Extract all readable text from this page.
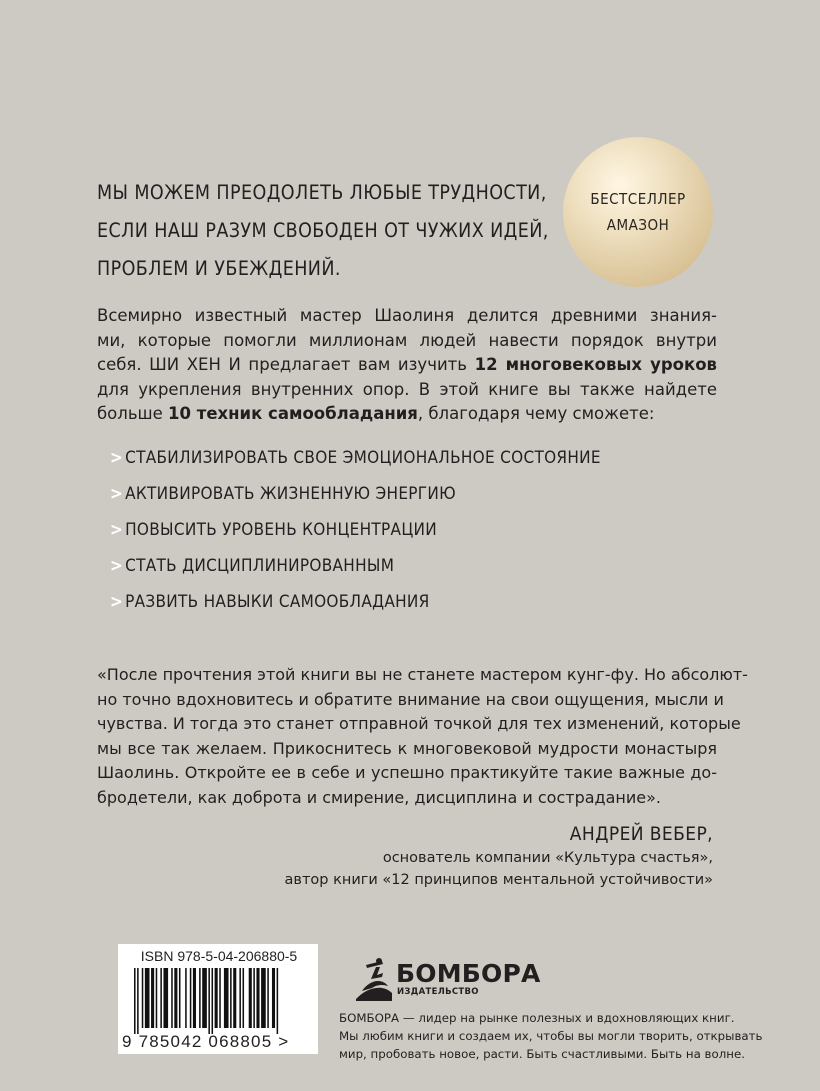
БЕСТСЕЛЛЕР
АМАЗОН
МЫ МОЖЕМ ПРЕОДОЛЕТЬ ЛЮБЫЕ ТРУДНОСТИ,
ЕСЛИ НАШ РАЗУМ СВОБОДЕН ОТ ЧУЖИХ ИДЕЙ,
ПРОБЛЕМ И УБЕЖДЕНИЙ.
Всемирно известный мастер Шаолиня делится древними знания-
ми, которые помогли миллионам людей навести порядок внутри
себя. ШИ ХЕН И предлагает вам изучить 12 многовековых уроков
для укрепления внутренних опор. В этой книге вы также найдете
больше 10 техник самообладания, благодаря чему сможете:
> СТАБИЛИЗИРОВАТЬ СВОЕ ЭМОЦИОНАЛЬНОЕ СОСТОЯНИЕ
> АКТИВИРОВАТЬ ЖИЗНЕННУЮ ЭНЕРГИЮ
> ПОВЫСИТЬ УРОВЕНЬ КОНЦЕНТРАЦИИ
> СТАТЬ ДИСЦИПЛИНИРОВАННЫМ
> РАЗВИТЬ НАВЫКИ САМООБЛАДАНИЯ
«После прочтения этой книги вы не станете мастером кунг-фу. Но абсолют-
но точно вдохновитесь и обратите внимание на свои ощущения, мысли и
чувства. И тогда это станет отправной точкой для тех изменений, которые
мы все так желаем. Прикоснитесь к многовековой мудрости монастыря
Шаолинь. Откройте ее в себе и успешно практикуйте такие важные до-
бродетели, как доброта и смирение, дисциплина и сострадание».
АНДРЕЙ ВЕБЕР,
основатель компании «Культура счастья»,
автор книги «12 принципов ментальной устойчивости»
ISBN 978-5-04-206880-5
9 785042 068805 >
БОМБОРА
ИЗДАТЕЛЬСТВО
БОМБОРА — лидер на рынке полезных и вдохновляющих книг.
Мы любим книги и создаем их, чтобы вы могли творить, открывать
мир, пробовать новое, расти. Быть счастливыми. Быть на волне.
